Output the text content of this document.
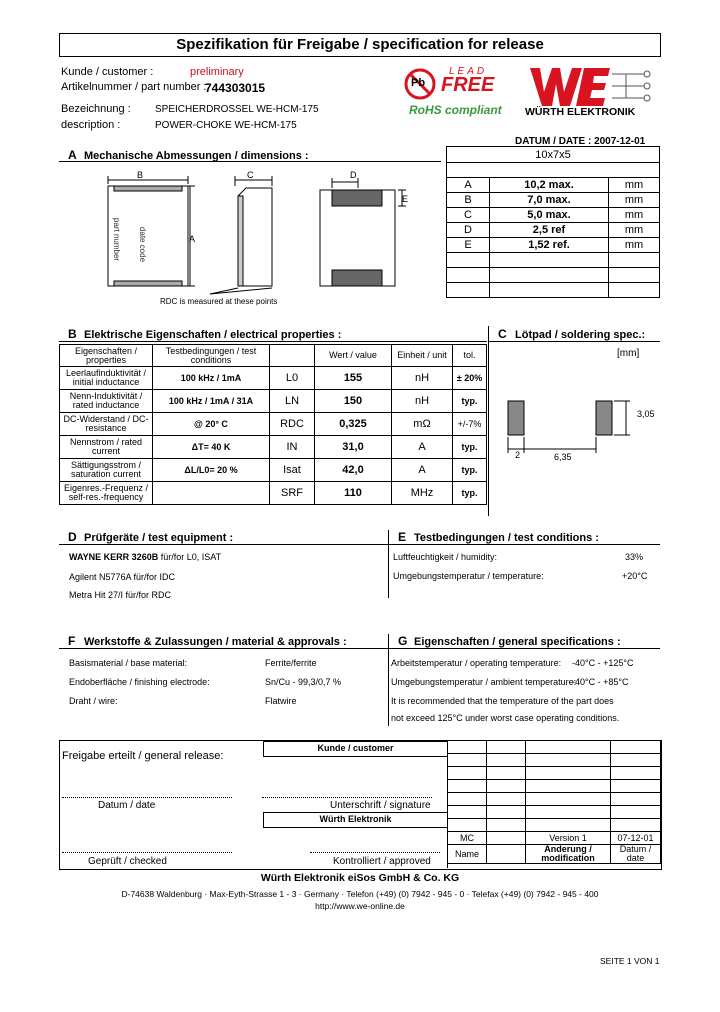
Spezifikation für Freigabe / specification for release
Kunde / customer :	preliminary
Artikelnummer / part number :
744303015
Bezeichnung : SPEICHERDROSSEL WE-HCM-175
description :	POWER-CHOKE WE-HCM-175
Pb
LEAD
FREE
RoHS compliant WÜRTH ELEKTRONIK
DATUM / DATE : 2007-12-01
A Mechanische Abmessungen / dimensions :	10x7x5		

A	10,2 max.	mm
B	7,0 max.	mm
C	5,0 max.	mm
D	2,5 ref	mm
E	1,52 ref.	mm

B
A
C	D
E
part number date code
RDC is measured at these points
B Elektrische Eigenschaften / electrical properties :
Eigenschaften / properties	Testbedingungen / test conditions		Wert / value	Einheit / unit	tol.
Leerlaufinduktivität / initial inductance	100 kHz / 1mA	L0	155	nH	± 20%
Nenn-Induktivität / rated inductance	100 kHz / 1mA / 31A	LN	150	nH	typ.
DC-Widerstand / DC-resistance	@ 20° C	RDC	0,325	mΩ	+/-7%
Nennstrom / rated current	ΔT= 40 K	IN	31,0	A	typ.
Sättigungsstrom / saturation current	ΔL/L0= 20 %	Isat	42,0	A	typ.
Eigenres.-Frequenz / self-res.-frequency		SRF	110	MHz	typ.
C Lötpad / soldering spec.:
[mm]
3,05
2	6,35
D Prüfgeräte / test equipment :
WAYNE KERR 3260B für/for L0, ISAT
Agilent N5776A für/for IDC
Metra Hit 27/I für/for RDC
E Testbedingungen / test conditions :
Luftfeuchtigkeit / humidity:	33%
Umgebungstemperatur / temperature:	+20°C
F Werkstoffe & Zulassungen / material & approvals :
Basismaterial / base material:	Ferrite/ferrite
Endoberfläche / finishing electrode:	Sn/Cu - 99,3/0,7 %
Draht / wire:	Flatwire
G Eigenschaften / general specifications :
Arbeitstemperatur / operating temperature: -40°C - +125°C
Umgebungstemperatur / ambient temperature:
-40°C - +85°C
It is recommended that the temperature of the part does
not exceed 125°C under worst case operating conditions.
Freigabe erteilt / general release:
Kunde / customer
Datum / date	Unterschrift / signature
Würth Elektronik
Geprüft / checked	Kontrolliert / approved

MC		Version 1	07-12-01
Name		Änderung / modification	Datum / date
Würth Elektronik eiSos GmbH & Co. KG
D-74638 Waldenburg · Max-Eyth-Strasse 1 - 3 · Germany · Telefon (+49) (0) 7942 - 945 - 0 · Telefax (+49) (0) 7942 - 945 - 400
http://www.we-online.de
SEITE 1 VON 1
